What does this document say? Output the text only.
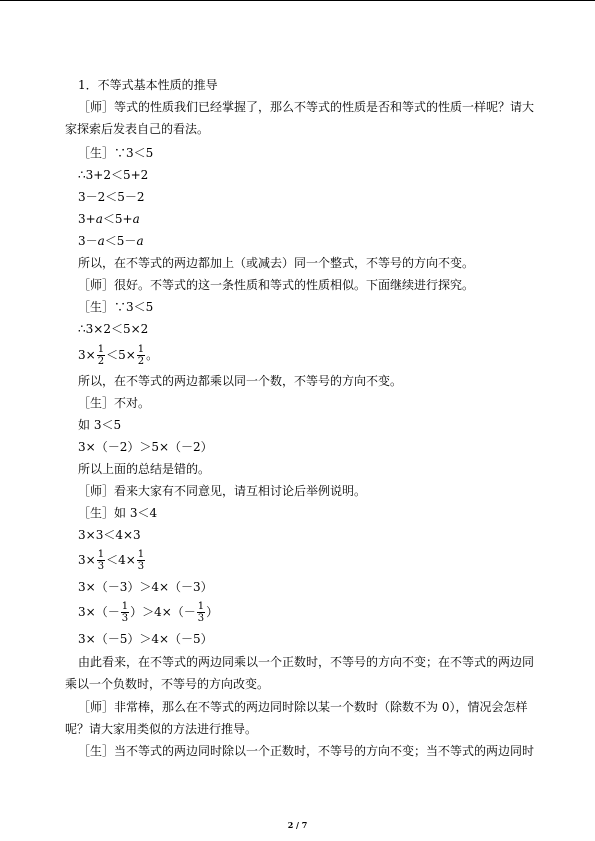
1．不等式基本性质的推导
［师］等式的性质我们已经掌握了，那么不等式的性质是否和等式的性质一样呢？请大
家探索后发表自己的看法。
［生］∵3＜5
∴3+2＜5+2
3－2＜5－2
3+a＜5+a
3－a＜5－a
所以，在不等式的两边都加上（或减去）同一个整式，不等号的方向不变。
［师］很好。不等式的这一条性质和等式的性质相似。下面继续进行探究。
［生］∵3＜5
∴3×2＜5×2
$3\times \frac{1}{2} <5\times \frac{1}{2}$ 。
所以，在不等式的两边都乘以同一个数，不等号的方向不变。
［生］不对。
如 3＜5
3×（－2）＞5×（－2）
所以上面的总结是错的。
［师］看来大家有不同意见，请互相讨论后举例说明。
［生］如 3＜4
3×3＜4×3
$3\times \frac{1}{3} <4\times \frac{1}{3}$
3×（－3）＞4×（－3）
$3\times(- \frac{1}{3} )>4\times(- \frac{1}{3}$ ）
3×（－5）＞4×（－5）
由此看来，在不等式的两边同乘以一个正数时，不等号的方向不变；在不等式的两边同
乘以一个负数时，不等号的方向改变。
［师］非常棒，那么在不等式的两边同时除以某一个数时（除数不为 0），情况会怎样
呢？请大家用类似的方法进行推导。
［生］当不等式的两边同时除以一个正数时，不等号的方向不变；当不等式的两边同时
2 / 7
